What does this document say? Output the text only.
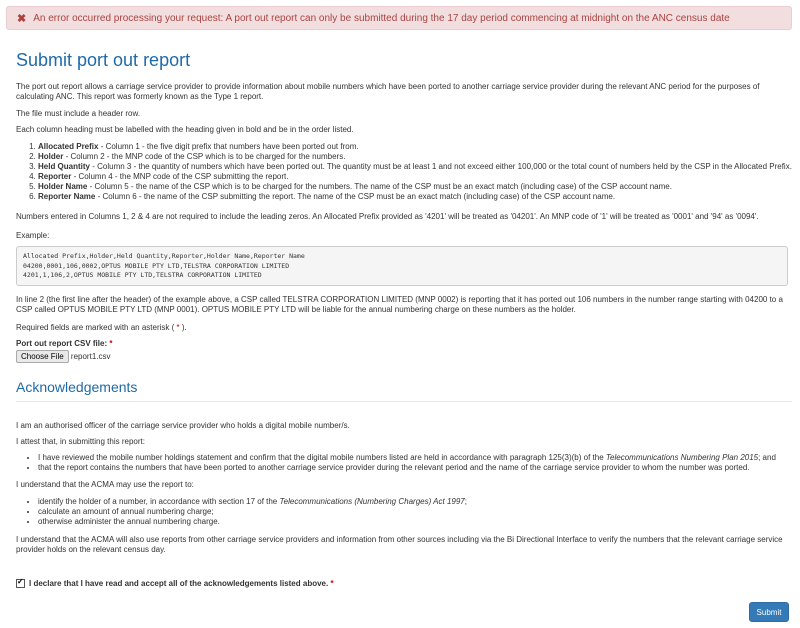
✖ An error occurred processing your request: A port out report can only be submitted during the 17 day period commencing at midnight on the ANC census date
Submit port out report

The port out report allows a carriage service provider to provide information about mobile numbers which have been ported to another carriage service provider during the relevant ANC period for the purposes of calculating ANC. This report was formerly known as the Type 1 report.

The file must include a header row.

Each column heading must be labelled with the heading given in bold and be in the order listed.

1. Allocated Prefix - Column 1 - the five digit prefix that numbers have been ported out from.
2. Holder - Column 2 - the MNP code of the CSP which is to be charged for the numbers.
3. Held Quantity - Column 3 - the quantity of numbers which have been ported out. The quantity must be at least 1 and not exceed either 100,000 or the total count of numbers held by the CSP in the Allocated Prefix.
4. Reporter - Column 4 - the MNP code of the CSP submitting the report.
5. Holder Name - Column 5 - the name of the CSP which is to be charged for the numbers. The name of the CSP must be an exact match (including case) of the CSP account name.
6. Reporter Name - Column 6 - the name of the CSP submitting the report. The name of the CSP must be an exact match (including case) of the CSP account name.

Numbers entered in Columns 1, 2 & 4 are not required to include the leading zeros. An Allocated Prefix provided as '4201' will be treated as '04201'. An MNP code of '1' will be treated as '0001' and '94' as '0094'.

Example:

Allocated Prefix,Holder,Held Quantity,Reporter,Holder Name,Reporter Name
04200,0001,106,0002,OPTUS MOBILE PTY LTD,TELSTRA CORPORATION LIMITED
4201,1,106,2,OPTUS MOBILE PTY LTD,TELSTRA CORPORATION LIMITED

In line 2 (the first line after the header) of the example above, a CSP called TELSTRA CORPORATION LIMITED (MNP 0002) is reporting that it has ported out 106 numbers in the number range starting with 04200 to a CSP called OPTUS MOBILE PTY LTD (MNP 0001). OPTUS MOBILE PTY LTD will be liable for the annual numbering charge on these numbers as the holder.

Required fields are marked with an asterisk ( * ).

Port out report CSV file: *

Choose File report1.csv
Acknowledgements

I am an authorised officer of the carriage service provider who holds a digital mobile number/s.

I attest that, in submitting this report:

• I have reviewed the mobile number holdings statement and confirm that the digital mobile numbers listed are held in accordance with paragraph 125(3)(b) of the Telecommunications Numbering Plan 2015; and
• that the report contains the numbers that have been ported to another carriage service provider during the relevant period and the name of the carriage service provider to whom the number was ported.

I understand that the ACMA may use the report to:

• identify the holder of a number, in accordance with section 17 of the Telecommunications (Numbering Charges) Act 1997;
• calculate an amount of annual numbering charge;
• otherwise administer the annual numbering charge.

I understand that the ACMA will also use reports from other carriage service providers and information from other sources including via the Bi Directional Interface to verify the numbers that the relevant carriage service provider holds on the relevant census day.

✓I declare that I have read and accept all of the acknowledgements listed above. *
Submit
